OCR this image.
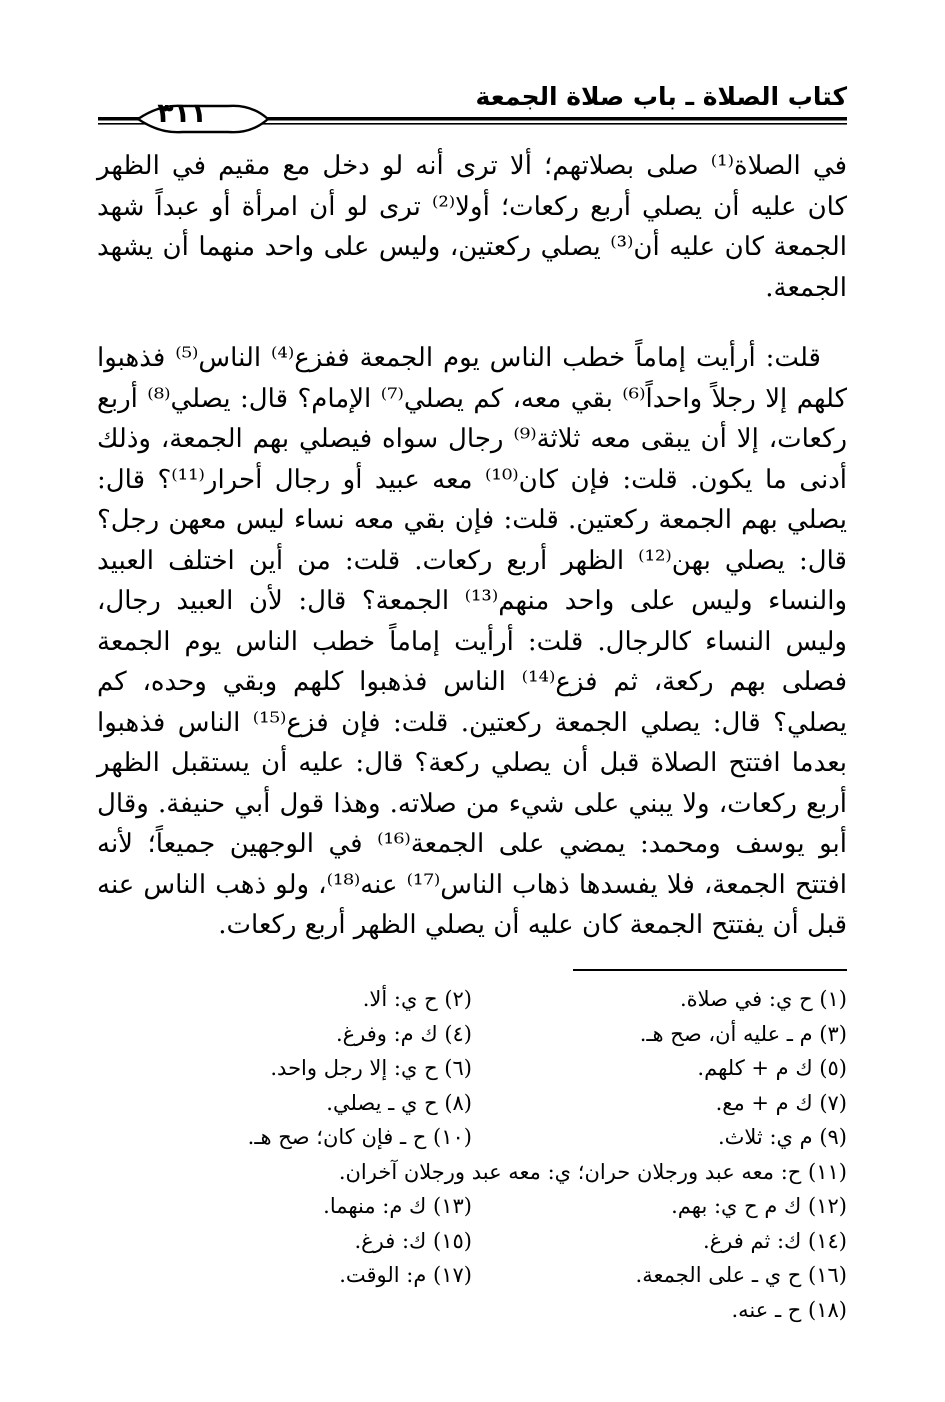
كتاب الصلاة ـ باب صلاة الجمعة
٣١١

في الصلاة⁽¹⁾ صلى بصلاتهم؛ ألا ترى أنه لو دخل مع مقيم في الظهر كان عليه أن يصلي أربع ركعات؛ أولا⁽²⁾ ترى لو أن امرأة أو عبداً شهد الجمعة كان عليه أن⁽³⁾ يصلي ركعتين، وليس على واحد منهما أن يشهد الجمعة.

قلت: أرأيت إماماً خطب الناس يوم الجمعة ففزع⁽⁴⁾ الناس⁽⁵⁾ فذهبوا كلهم إلا رجلاً واحداً⁽⁶⁾ بقي معه، كم يصلي⁽⁷⁾ الإمام؟ قال: يصلي⁽⁸⁾ أربع ركعات، إلا أن يبقى معه ثلاثة⁽⁹⁾ رجال سواه فيصلي بهم الجمعة، وذلك أدنى ما يكون. قلت: فإن كان⁽¹⁰⁾ معه عبيد أو رجال أحرار⁽¹¹⁾؟ قال: يصلي بهم الجمعة ركعتين. قلت: فإن بقي معه نساء ليس معهن رجل؟ قال: يصلي بهن⁽¹²⁾ الظهر أربع ركعات. قلت: من أين اختلف العبيد والنساء وليس على واحد منهم⁽¹³⁾ الجمعة؟ قال: لأن العبيد رجال، وليس النساء كالرجال. قلت: أرأيت إماماً خطب الناس يوم الجمعة فصلى بهم ركعة، ثم فزع⁽¹⁴⁾ الناس فذهبوا كلهم وبقي وحده، كم يصلي؟ قال: يصلي الجمعة ركعتين. قلت: فإن فزع⁽¹⁵⁾ الناس فذهبوا بعدما افتتح الصلاة قبل أن يصلي ركعة؟ قال: عليه أن يستقبل الظهر أربع ركعات، ولا يبني على شيء من صلاته. وهذا قول أبي حنيفة. وقال أبو يوسف ومحمد: يمضي على الجمعة⁽¹⁶⁾ في الوجهين جميعاً؛ لأنه افتتح الجمعة، فلا يفسدها ذهاب الناس⁽¹⁷⁾ عنه⁽¹⁸⁾، ولو ذهب الناس عنه قبل أن يفتتح الجمعة كان عليه أن يصلي الظهر أربع ركعات.

(١) ح ي: في صلاة.
(٢) ح ي: ألا.
(٣) م ـ عليه أن، صح هـ.
(٤) ك م: وفرغ.
(٥) ك م + كلهم.
(٦) ح ي: إلا رجل واحد.
(٧) ك م + مع.
(٨) ح ي ـ يصلي.
(٩) م ي: ثلاث.
(١٠) ح ـ فإن كان؛ صح هـ.
(١١) ح: معه عبد ورجلان حران؛ ي: معه عبد ورجلان آخران.
(١٢) ك م ح ي: بهم.
(١٣) ك م: منهما.
(١٤) ك: ثم فرغ.
(١٥) ك: فرغ.
(١٦) ح ي ـ على الجمعة.
(١٧) م: الوقت.
(١٨) ح ـ عنه.
